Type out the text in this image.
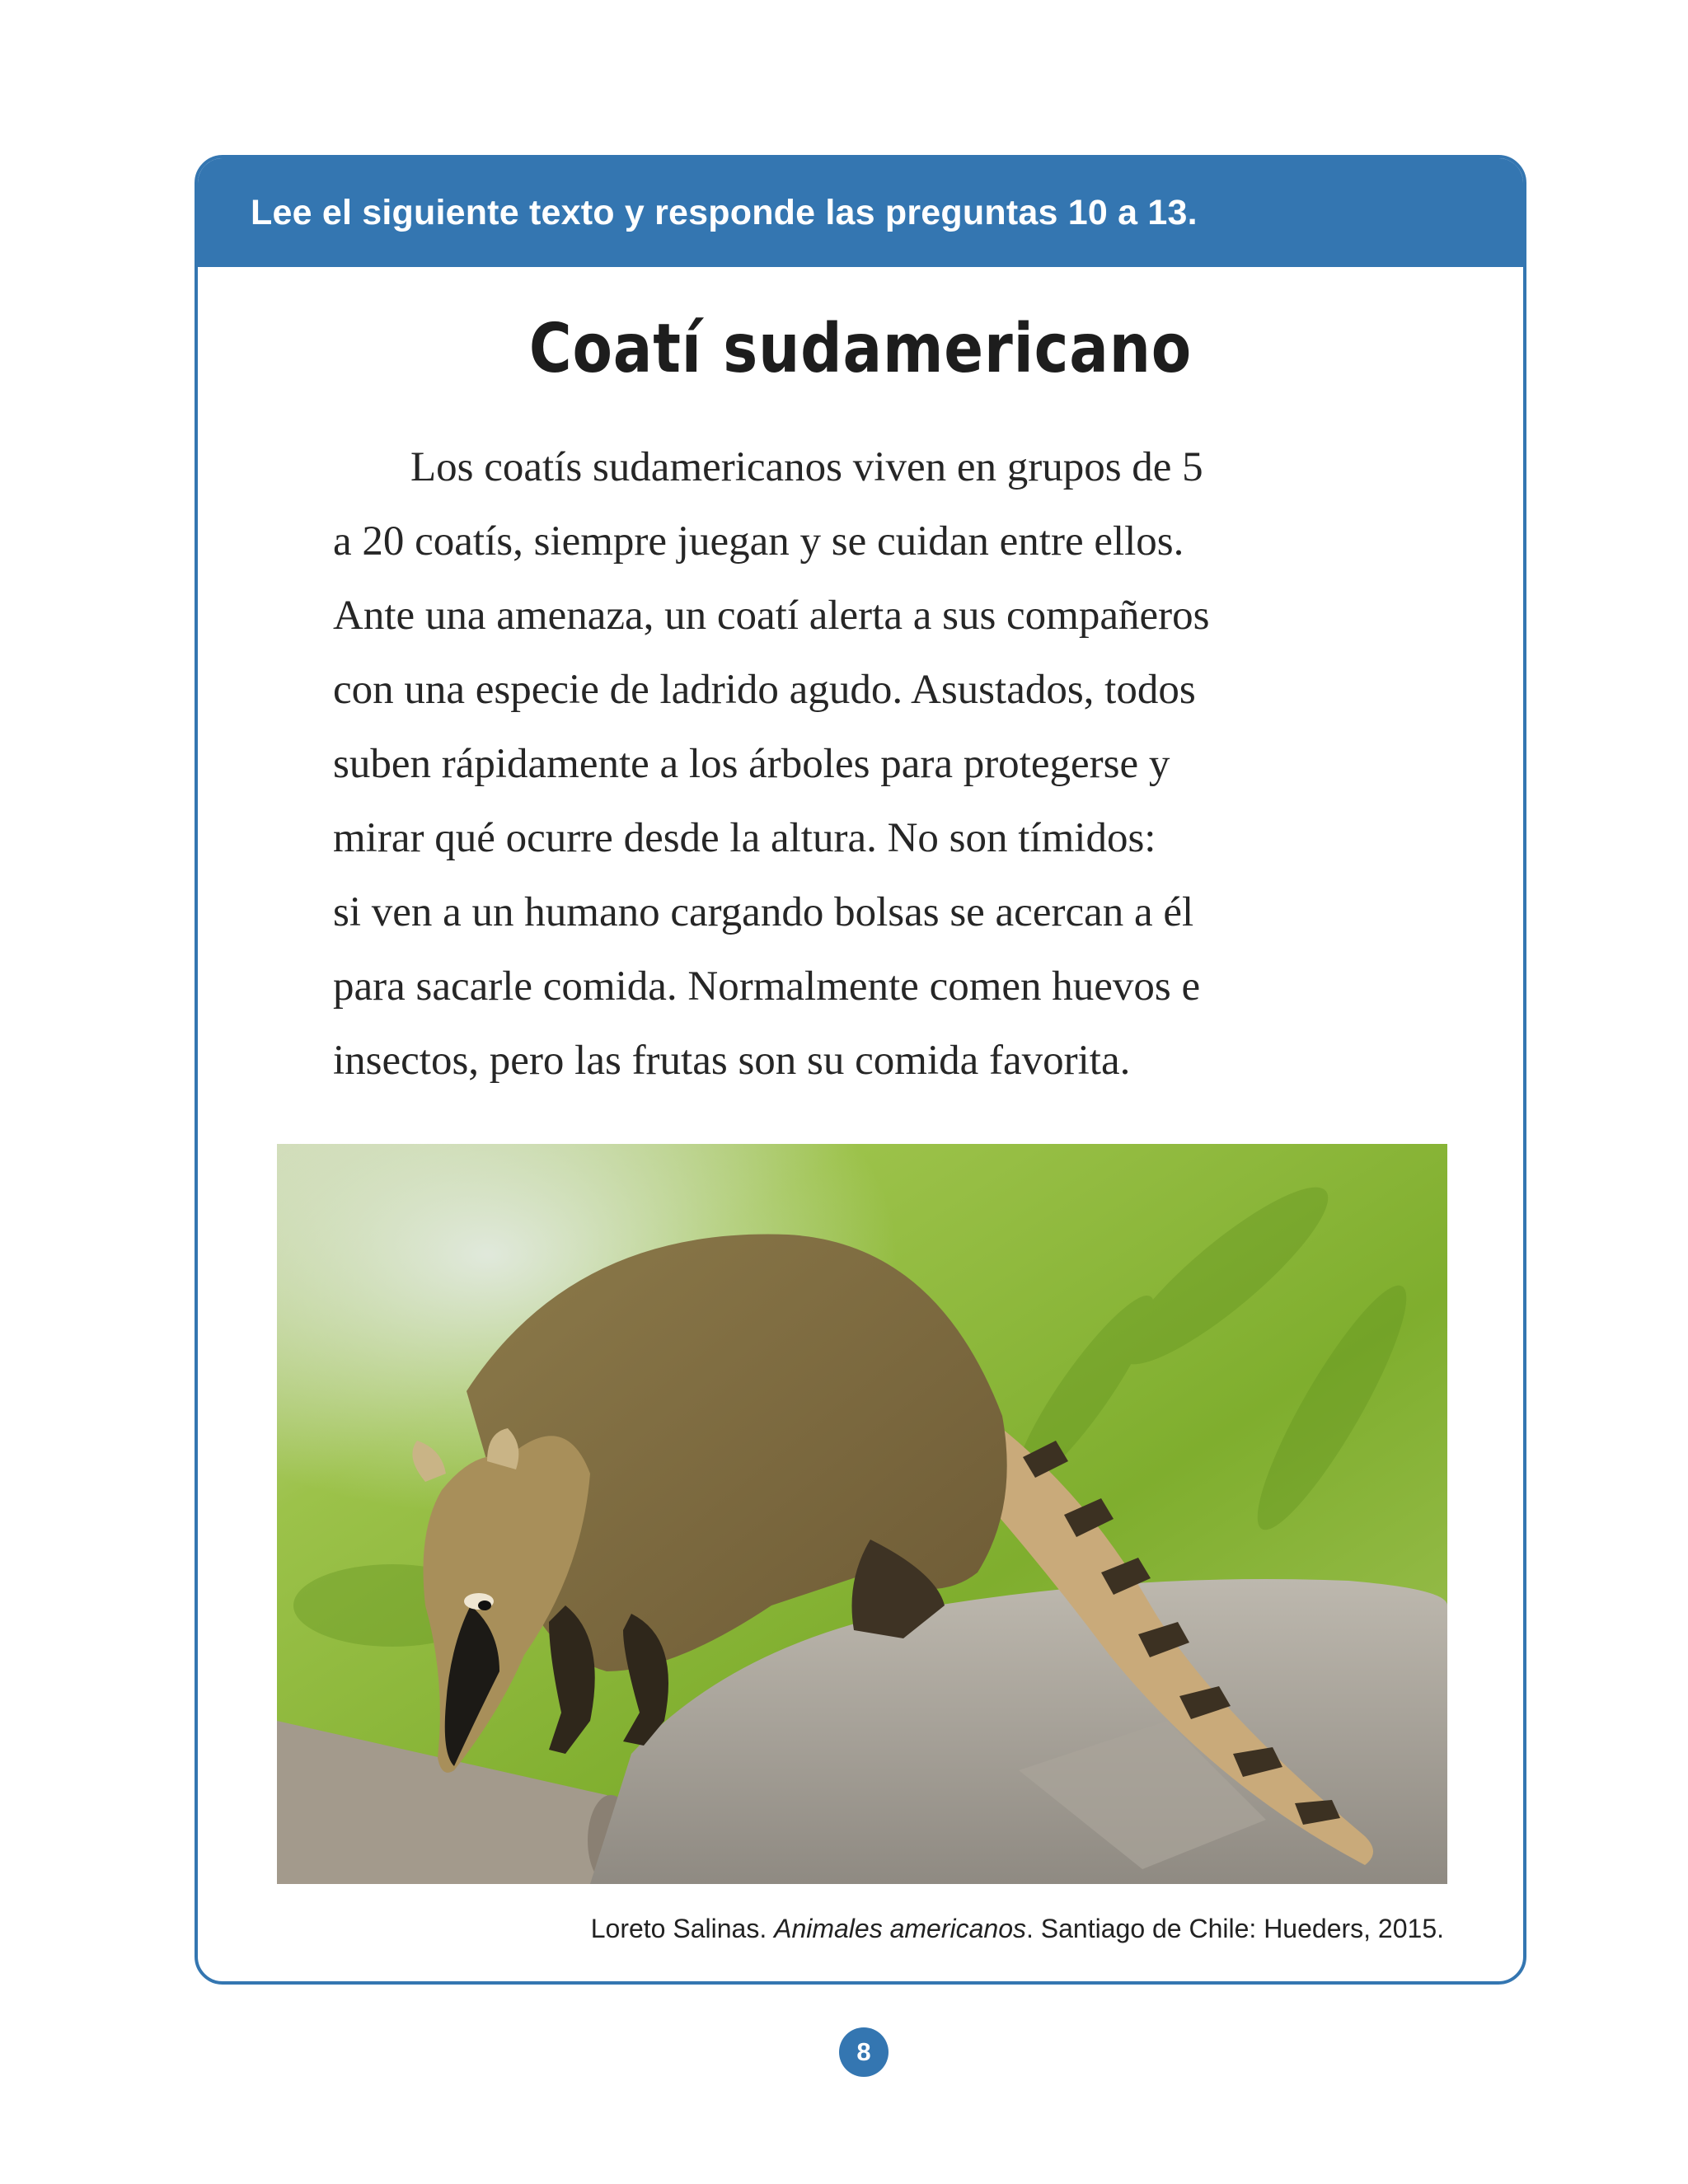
Lee el siguiente texto y responde las preguntas 10 a 13.
Coatí sudamericano

Los coatís sudamericanos viven en grupos de 5
a 20 coatís, siempre juegan y se cuidan entre ellos.
Ante una amenaza, un coatí alerta a sus compañeros
con una especie de ladrido agudo. Asustados, todos
suben rápidamente a los árboles para protegerse y
mirar qué ocurre desde la altura. No son tímidos:
si ven a un humano cargando bolsas se acercan a él
para sacarle comida. Normalmente comen huevos e
insectos, pero las frutas son su comida favorita.

Loreto Salinas. Animales americanos. Santiago de Chile: Hueders, 2015.
8
